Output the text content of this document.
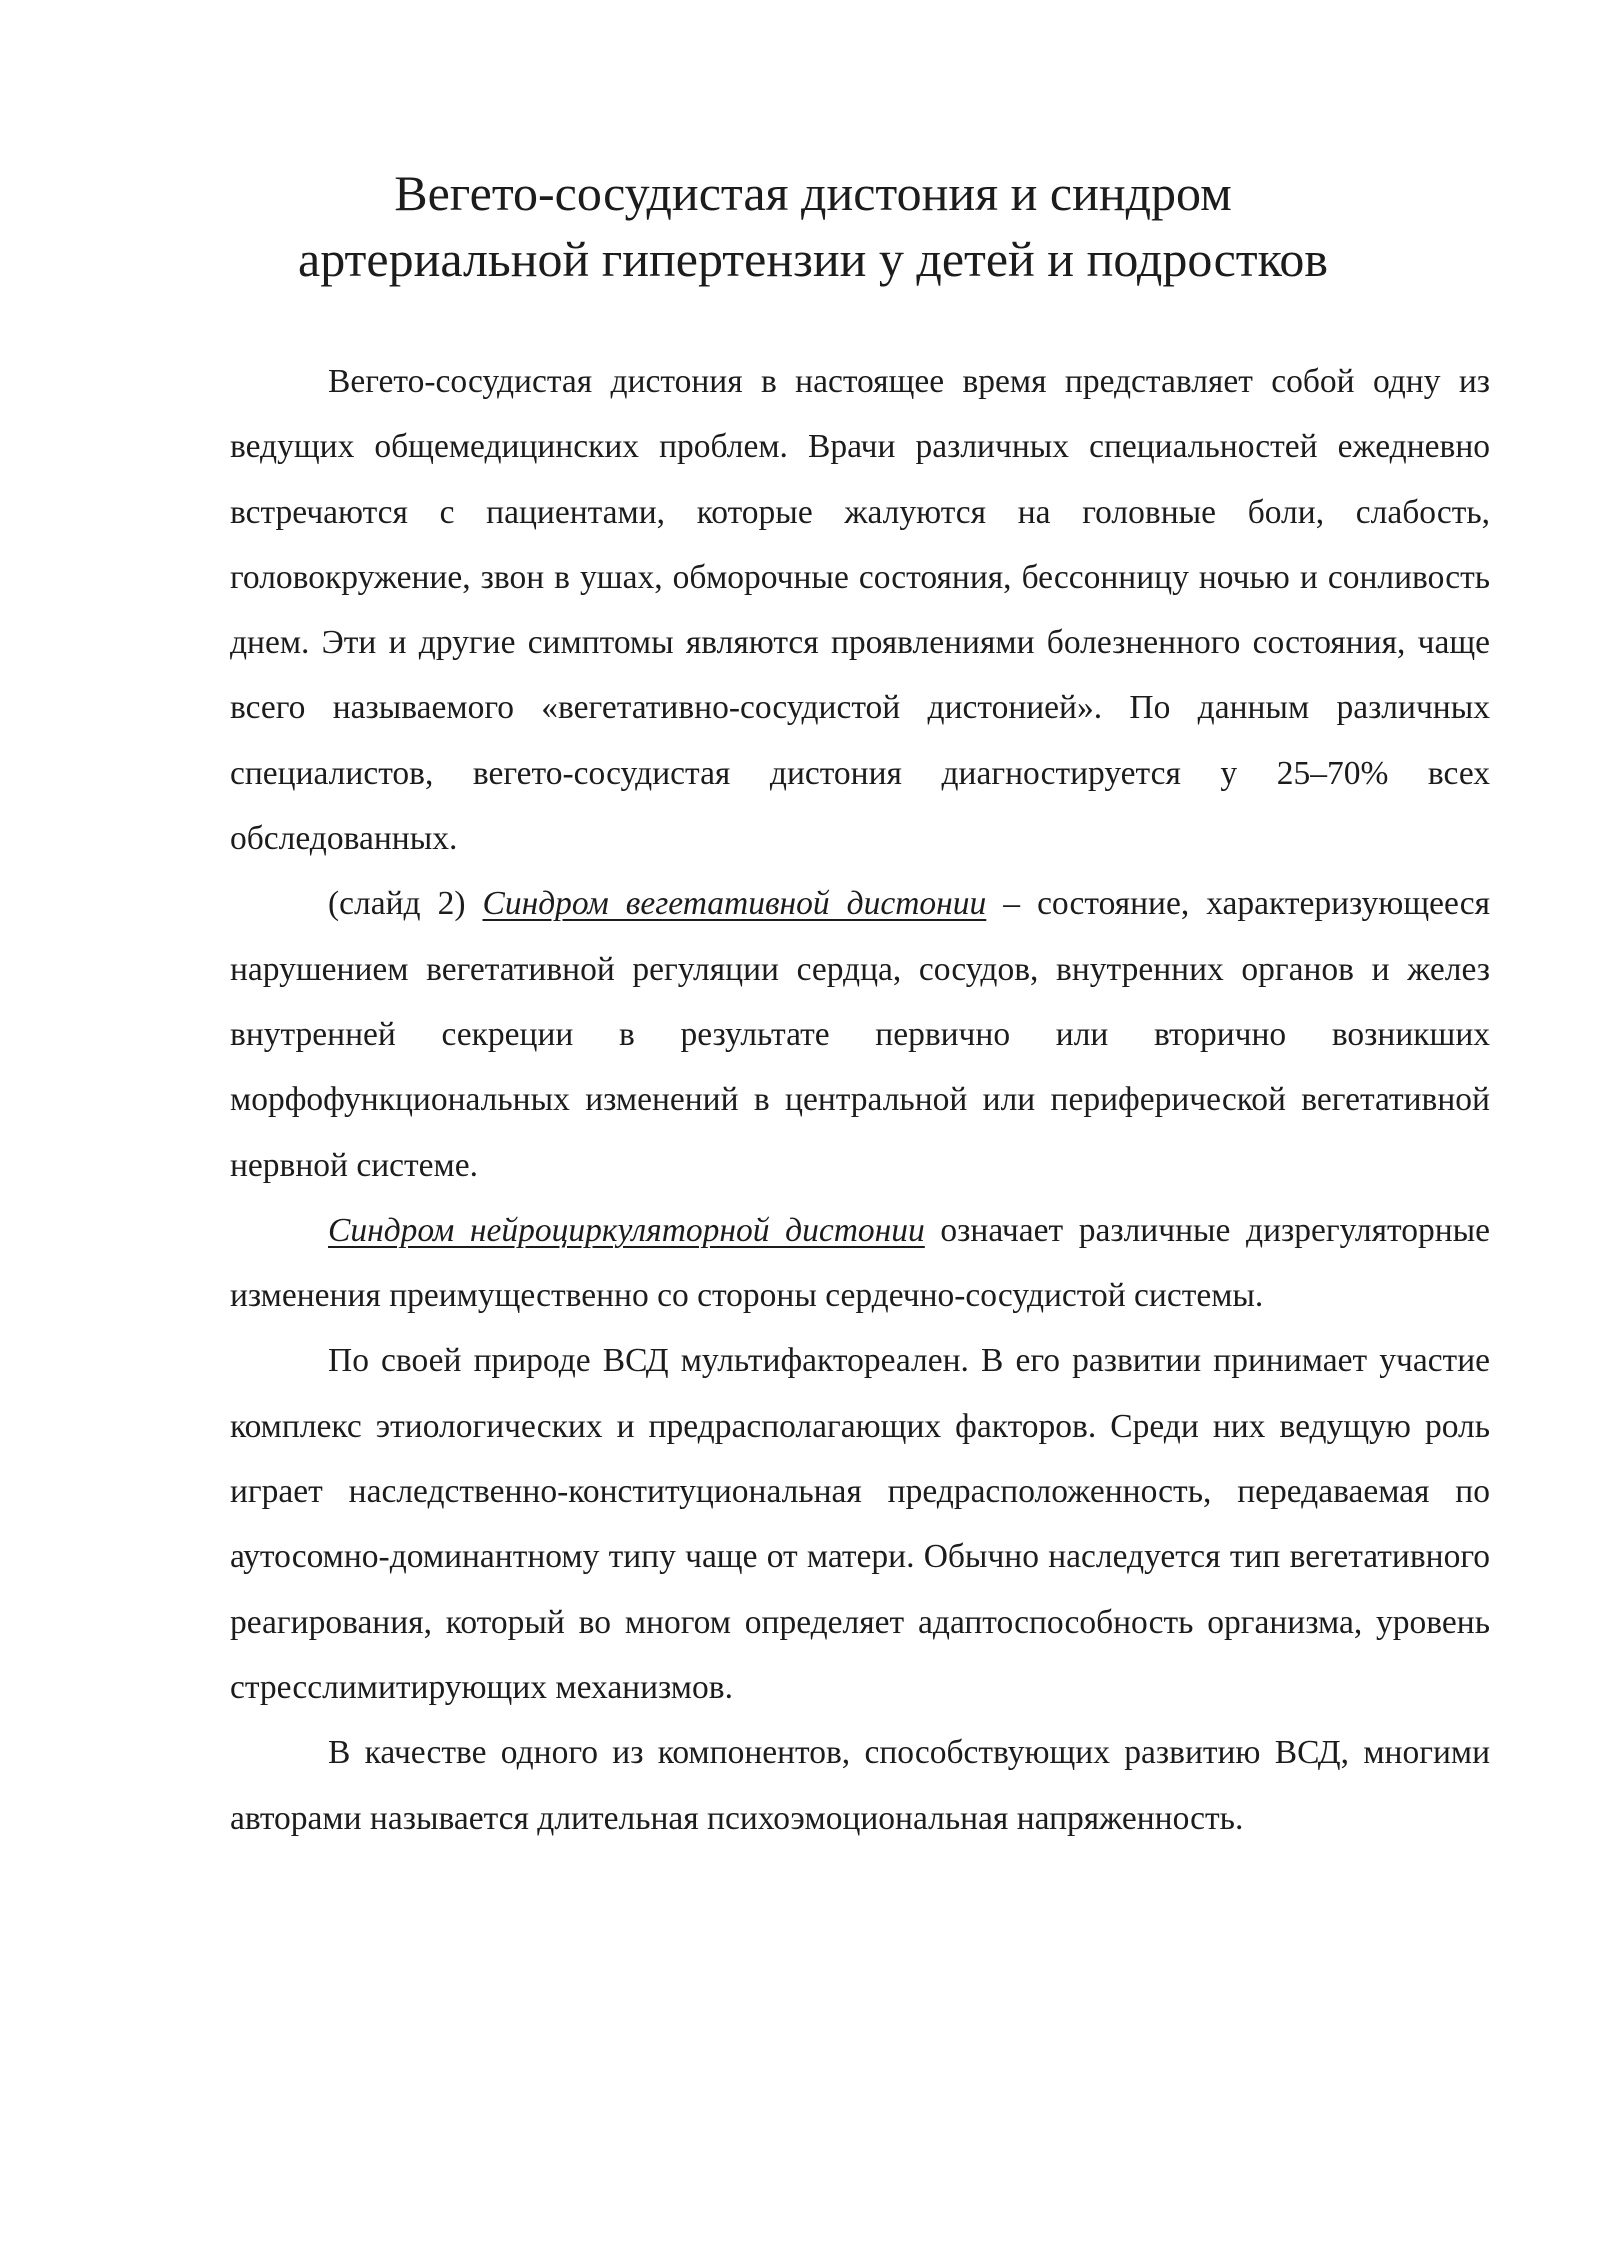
Вегето-сосудистая дистония и синдром
артериальной гипертензии у детей и подростков

Вегето-сосудистая дистония в настоящее время представляет собой одну из ведущих общемедицинских проблем. Врачи различных специальностей ежедневно встречаются с пациентами, которые жалуются на головные боли, слабость, головокружение, звон в ушах, обморочные состояния, бессонницу ночью и сонливость днем. Эти и другие симптомы являются проявлениями болезненного состояния, чаще всего называемого «вегетативно-сосудистой дистонией». По данным различных специалистов, вегето-сосудистая дистония диагностируется у 25–70% всех обследованных.

(слайд 2) Синдром вегетативной дистонии – состояние, характеризующееся нарушением вегетативной регуляции сердца, сосудов, внутренних органов и желез внутренней секреции в результате первично или вторично возникших морфофункциональных изменений в центральной или периферической вегетативной нервной системе.

Синдром нейроциркуляторной дистонии означает различные дизрегуляторные изменения преимущественно со стороны сердечно-сосудистой системы.

По своей природе ВСД мультифактореален. В его развитии принимает участие комплекс этиологических и предрасполагающих факторов. Среди них ведущую роль играет наследственно-конституциональная предрасположенность, передаваемая по аутосомно-доминантному типу чаще от матери. Обычно наследуется тип вегетативного реагирования, который во многом определяет адаптоспособность организма, уровень стресслимитирующих механизмов.

В качестве одного из компонентов, способствующих развитию ВСД, многими авторами называется длительная психоэмоциональная напряженность.
